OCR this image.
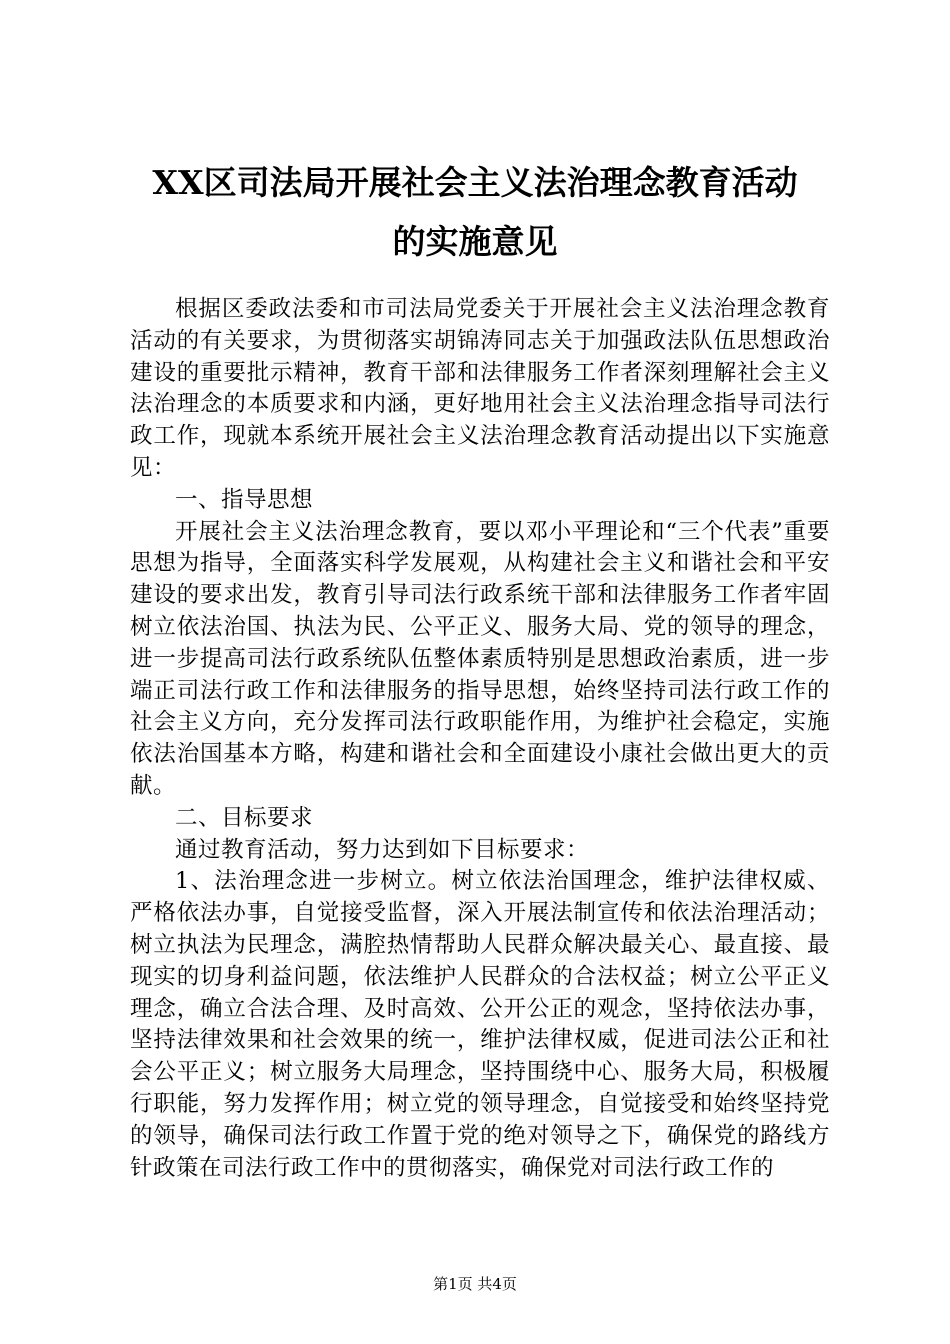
XX区司法局开展社会主义法治理念教育活动
的实施意见

根据区委政法委和市司法局党委关于开展社会主义法治理念教育活动的有关要求，为贯彻落实胡锦涛同志关于加强政法队伍思想政治建设的重要批示精神，教育干部和法律服务工作者深刻理解社会主义法治理念的本质要求和内涵，更好地用社会主义法治理念指导司法行政工作，现就本系统开展社会主义法治理念教育活动提出以下实施意见：

一、指导思想

开展社会主义法治理念教育，要以邓小平理论和“三个代表”重要思想为指导，全面落实科学发展观，从构建社会主义和谐社会和平安建设的要求出发，教育引导司法行政系统干部和法律服务工作者牢固树立依法治国、执法为民、公平正义、服务大局、党的领导的理念，进一步提高司法行政系统队伍整体素质特别是思想政治素质，进一步端正司法行政工作和法律服务的指导思想，始终坚持司法行政工作的社会主义方向，充分发挥司法行政职能作用，为维护社会稳定，实施依法治国基本方略，构建和谐社会和全面建设小康社会做出更大的贡献。

二、目标要求

通过教育活动，努力达到如下目标要求：

1、法治理念进一步树立。树立依法治国理念，维护法律权威、严格依法办事，自觉接受监督，深入开展法制宣传和依法治理活动；树立执法为民理念，满腔热情帮助人民群众解决最关心、最直接、最现实的切身利益问题，依法维护人民群众的合法权益；树立公平正义理念，确立合法合理、及时高效、公开公正的观念，坚持依法办事，坚持法律效果和社会效果的统一，维护法律权威，促进司法公正和社会公平正义；树立服务大局理念，坚持围绕中心、服务大局，积极履行职能，努力发挥作用；树立党的领导理念，自觉接受和始终坚持党的领导，确保司法行政工作置于党的绝对领导之下，确保党的路线方针政策在司法行政工作中的贯彻落实，确保党对司法行政工作的

第1页 共4页
